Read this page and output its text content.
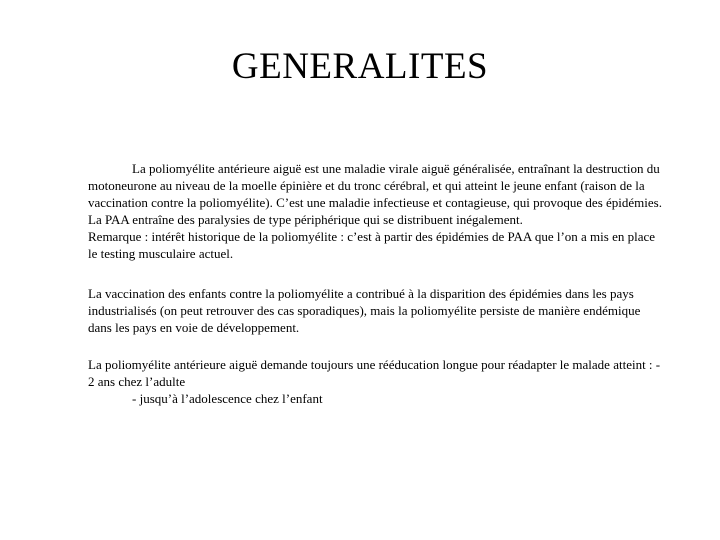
GENERALITES

La poliomyélite antérieure aiguë est une maladie virale aiguë généralisée, entraînant la destruction du motoneurone au niveau de la moelle épinière et du tronc cérébral, et qui atteint le jeune enfant (raison de la vaccination contre la poliomyélite). C’est une maladie infectieuse et contagieuse, qui provoque des épidémies. La PAA entraîne des paralysies de type périphérique qui se distribuent inégalement.

Remarque : intérêt historique de la poliomyélite : c’est à partir des épidémies de PAA que l’on a mis en place le testing musculaire actuel.

La vaccination des enfants contre la poliomyélite a contribué à la disparition des épidémies dans les pays industrialisés (on peut retrouver des cas sporadiques), mais la poliomyélite persiste de manière endémique dans les pays en voie de développement.

La poliomyélite antérieure aiguë demande toujours une rééducation longue pour réadapter le malade atteint : - 2 ans chez l’adulte

- jusqu’à l’adolescence chez l’enfant
